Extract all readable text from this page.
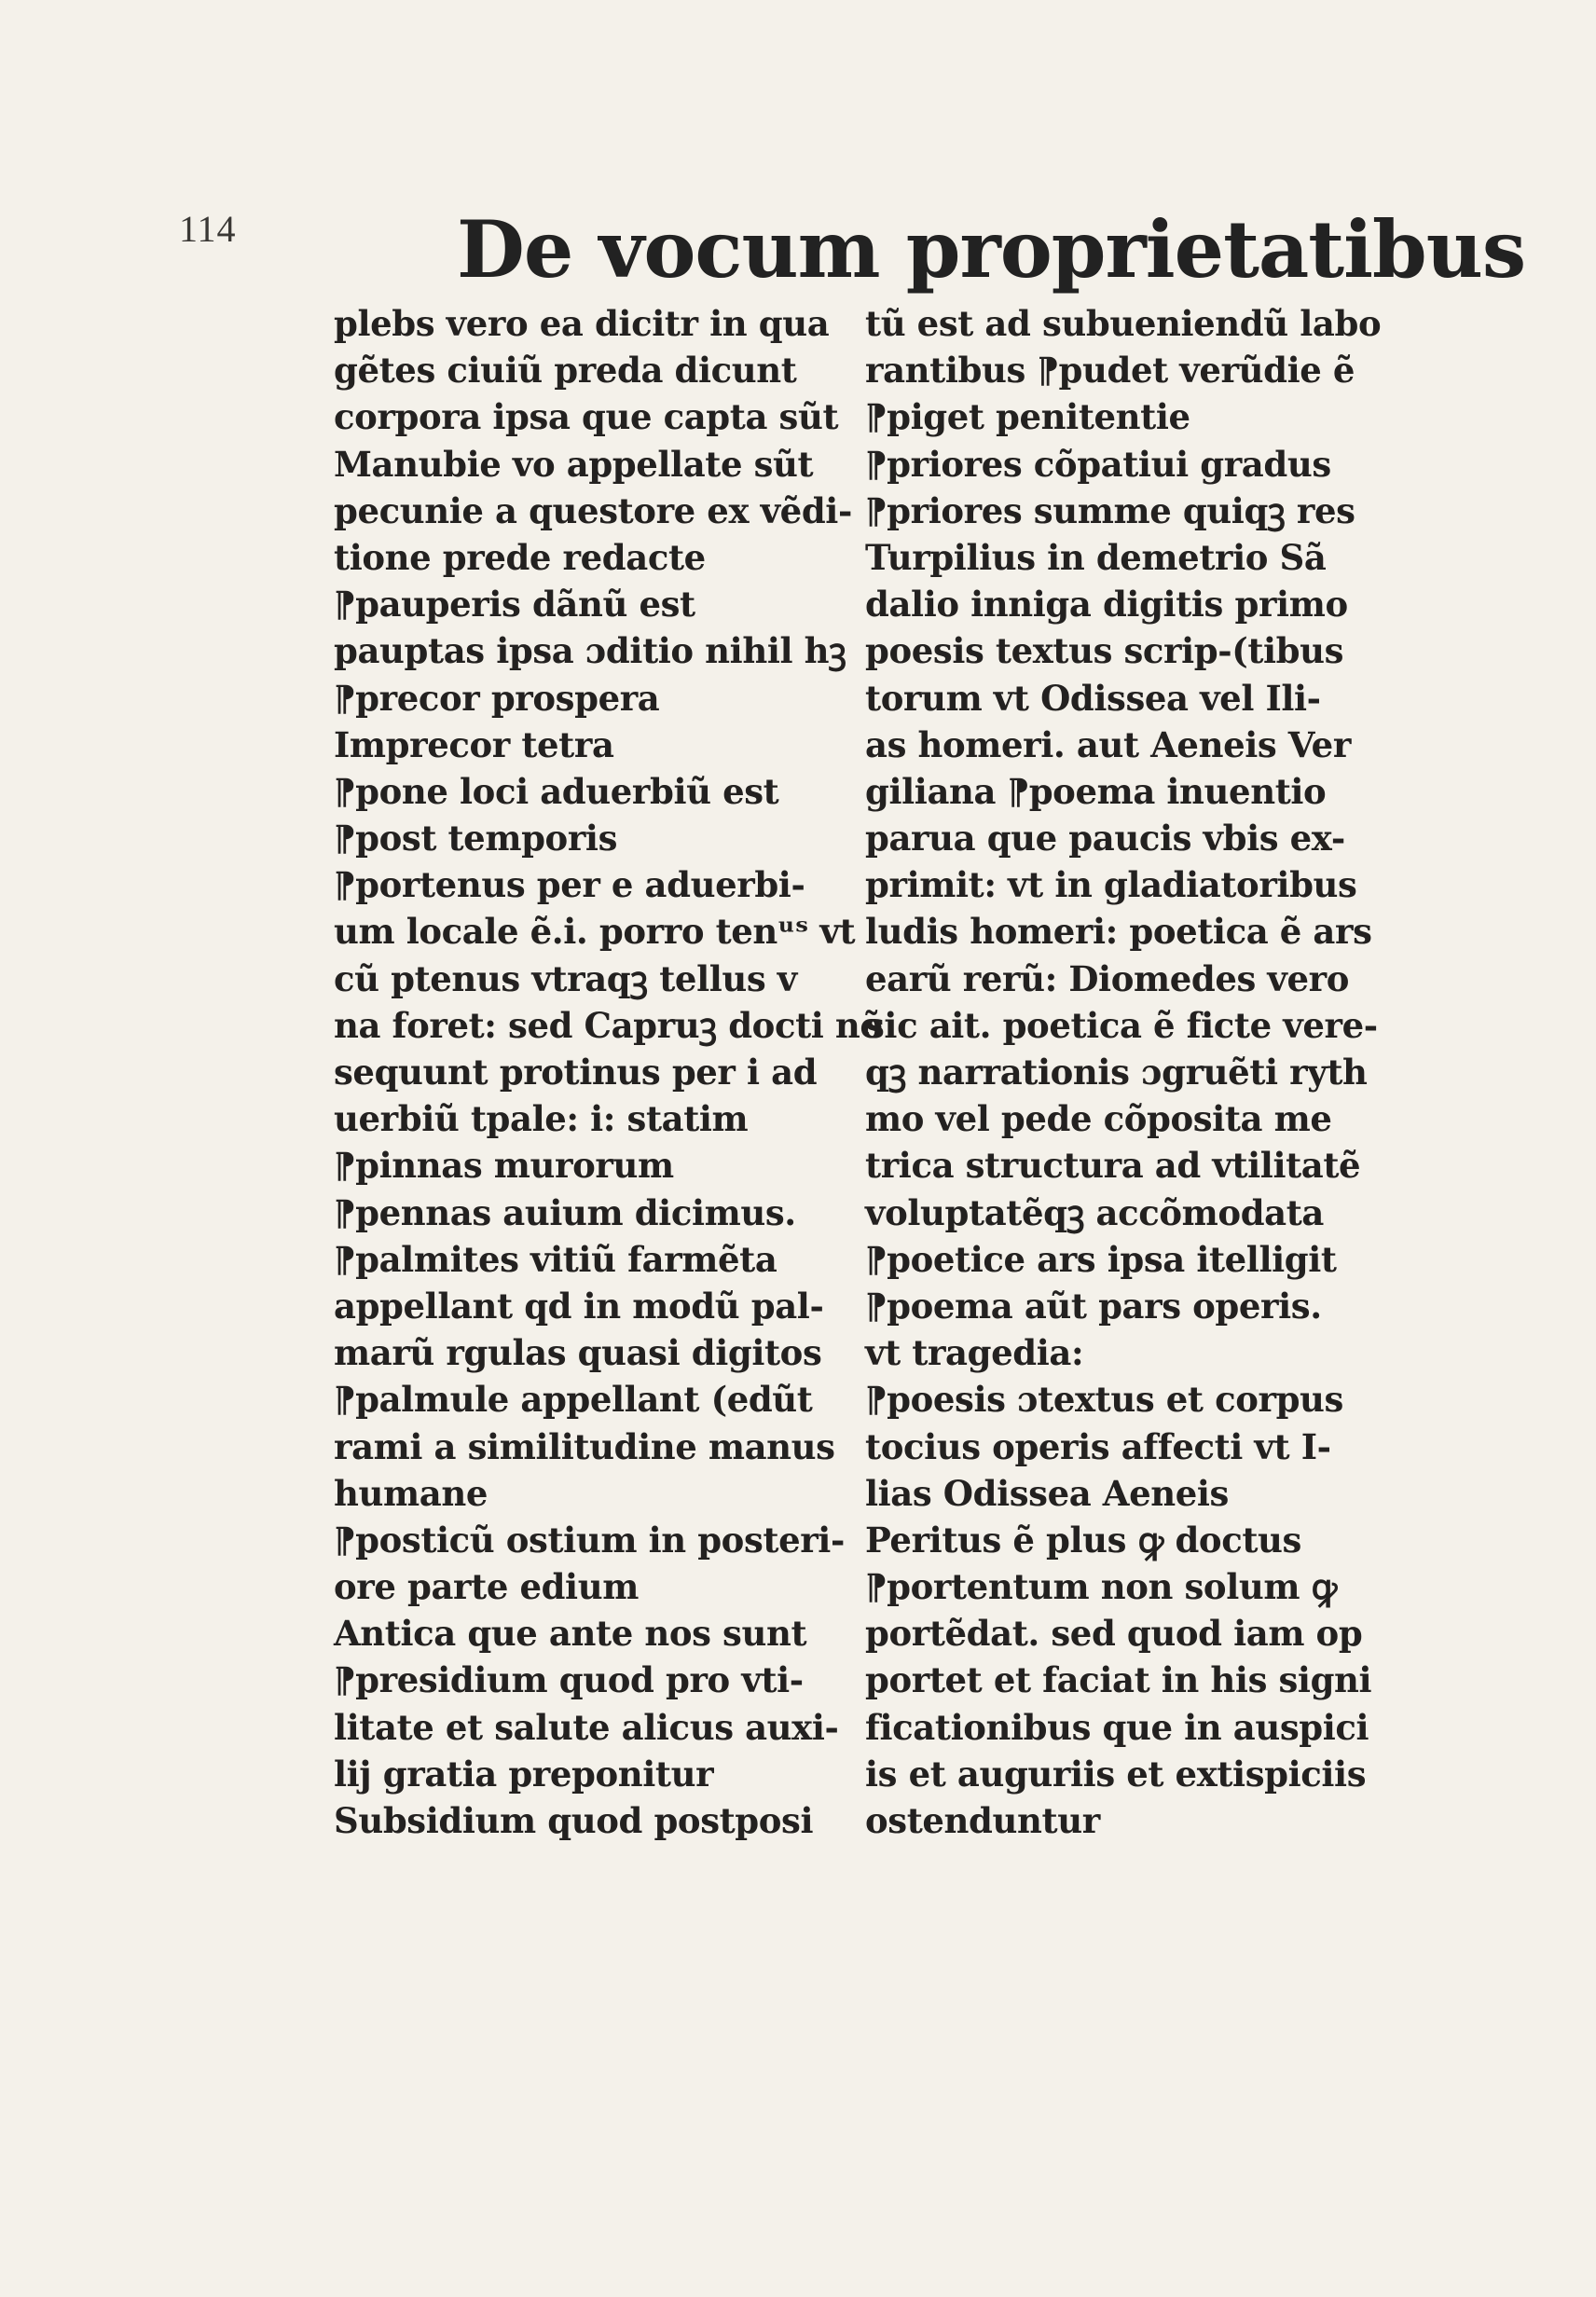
114	De vocum proprietatibus
plebs vero ea dicitr in qua
gẽtes ciuiũ preda dicunt
corpora ipsa que capta sũt
Manubie vo appellate sũt
pecunie a questore ex vẽdi-
tione prede redacte
⁋pauperis dãnũ est
pauptas ipsa ɔditio nihil hꝫ
⁋precor prospera
Imprecor tetra
⁋pone loci aduerbiũ est
⁋post temporis
⁋portenus per e aduerbi-
um locale ẽ.i. porro tenᵘˢ vt
cũ ptenus vtraqꝫ tellus v
na foret: sed Capruꝫ docti nõ
sequunt protinus per i ad
uerbiũ tpale: i: statim
⁋pinnas murorum
⁋pennas auium dicimus.
⁋palmites vitiũ farmẽta
appellant qd in modũ pal-
marũ rgulas quasi digitos
⁋palmule appellant (edũt
rami a similitudine manus
humane
⁋posticũ ostium in posteri-
ore parte edium
Antica que ante nos sunt
⁋presidium quod pro vti-
litate et salute alicus auxi-
lij gratia preponitur
Subsidium quod postposi
tũ est ad subueniendũ labo
rantibus ⁋pudet verũdie ẽ
⁋piget penitentie
⁋priores cõpatiui gradus
⁋priores summe quiqꝫ res
Turpilius in demetrio Sã
dalio inniga digitis primo
poesis textus scrip-(tibus
torum vt Odissea vel Ili-
as homeri. aut Aeneis Ver
giliana ⁋poema inuentio
parua que paucis vbis ex-
primit: vt in gladiatoribus
ludis homeri: poetica ẽ ars
earũ rerũ: Diomedes vero
sic ait. poetica ẽ ficte vere-
qꝫ narrationis ɔgruẽti ryth
mo vel pede cõposita me
trica structura ad vtilitatẽ
voluptatẽqꝫ accõmodata
⁋poetice ars ipsa itelligit
⁋poema aũt pars operis.
vt tragedia:
⁋poesis ɔtextus et corpus
tocius operis affecti vt I-
lias Odissea Aeneis
Peritus ẽ plus ꝙ doctus
⁋portentum non solum ꝙ
portẽdat. sed quod iam op
portet et faciat in his signi
ficationibus que in auspici
is et auguriis et extispiciis
ostenduntur
